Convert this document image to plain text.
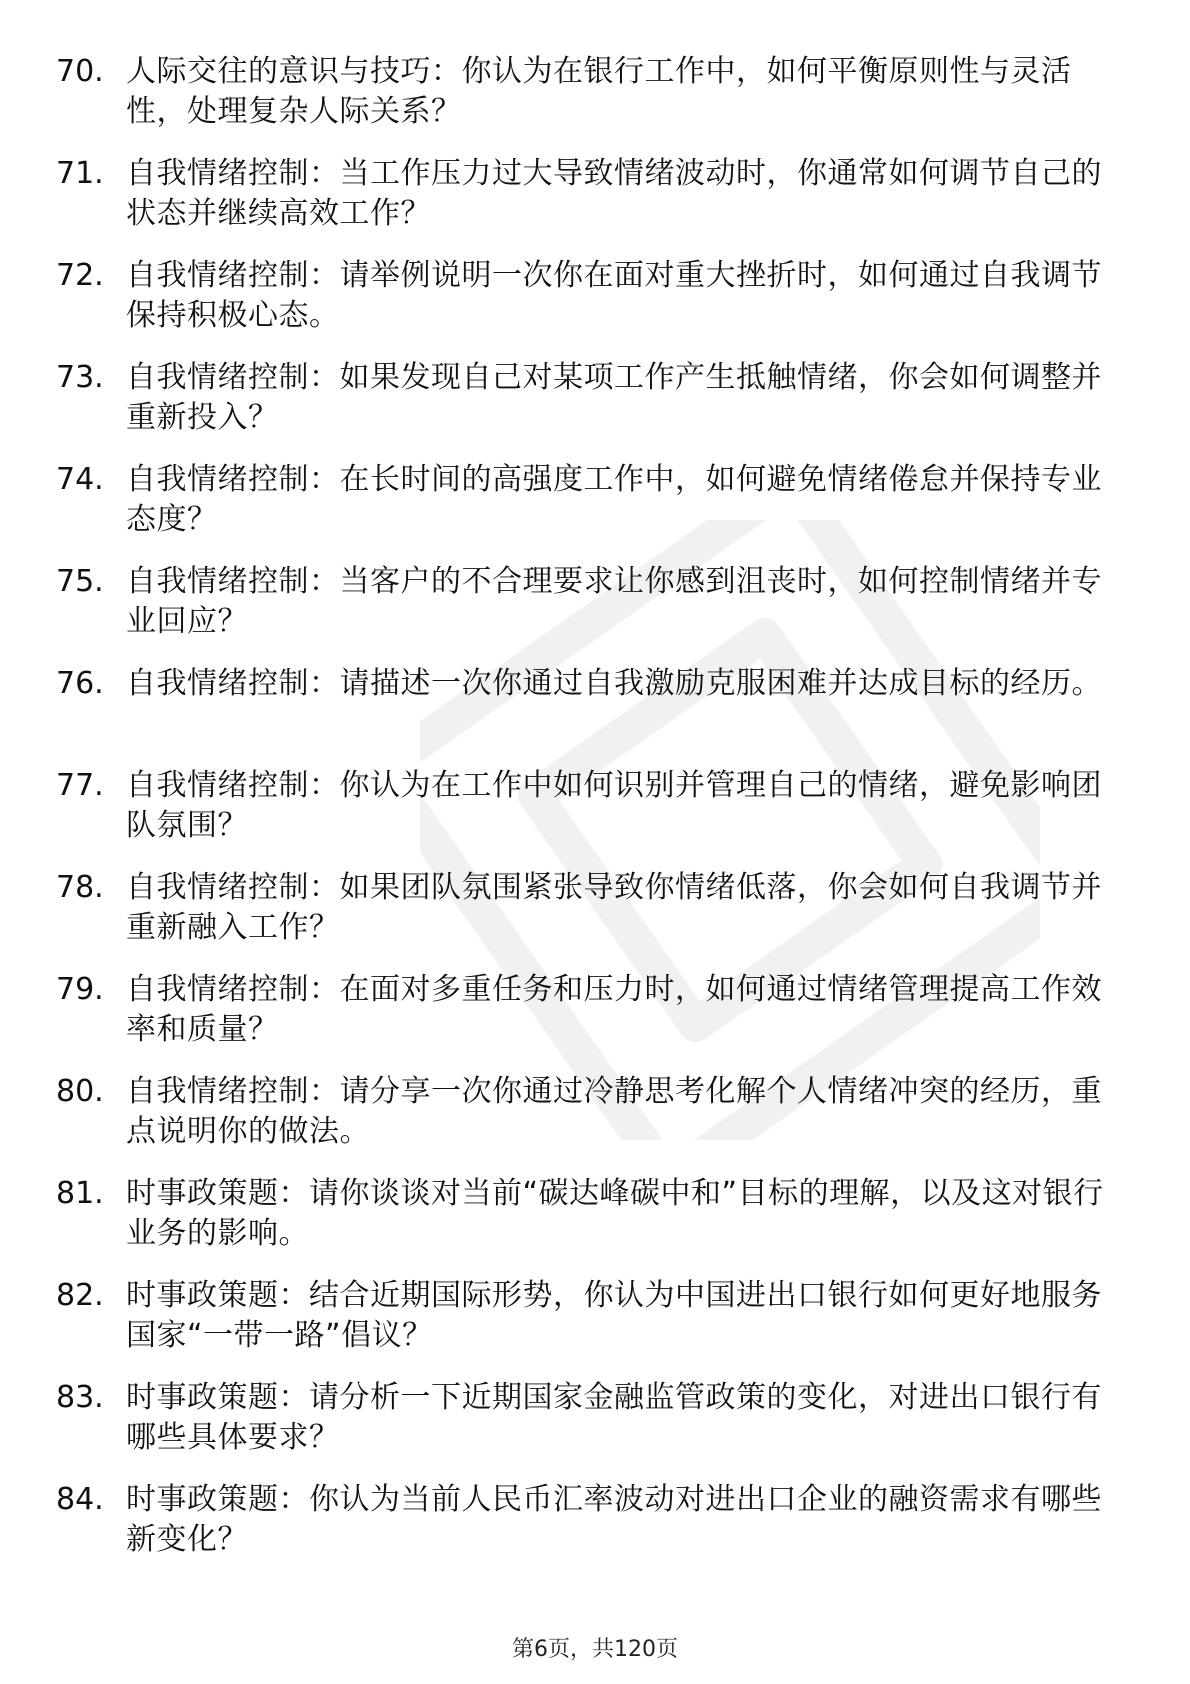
70. 人际交往的意识与技巧：你认为在银行工作中，如何平衡原则性与灵活性，处理复杂人际关系？
71. 自我情绪控制：当工作压力过大导致情绪波动时，你通常如何调节自己的状态并继续高效工作？
72. 自我情绪控制：请举例说明一次你在面对重大挫折时，如何通过自我调节保持积极心态。
73. 自我情绪控制：如果发现自己对某项工作产生抵触情绪，你会如何调整并重新投入？
74. 自我情绪控制：在长时间的高强度工作中，如何避免情绪倦怠并保持专业态度？
75. 自我情绪控制：当客户的不合理要求让你感到沮丧时，如何控制情绪并专业回应？
76. 自我情绪控制：请描述一次你通过自我激励克服困难并达成目标的经历。
77. 自我情绪控制：你认为在工作中如何识别并管理自己的情绪，避免影响团队氛围？
78. 自我情绪控制：如果团队氛围紧张导致你情绪低落，你会如何自我调节并重新融入工作？
79. 自我情绪控制：在面对多重任务和压力时，如何通过情绪管理提高工作效率和质量？
80. 自我情绪控制：请分享一次你通过冷静思考化解个人情绪冲突的经历，重点说明你的做法。
81. 时事政策题：请你谈谈对当前“碳达峰碳中和”目标的理解，以及这对银行业务的影响。
82. 时事政策题：结合近期国际形势，你认为中国进出口银行如何更好地服务国家“一带一路”倡议？
83. 时事政策题：请分析一下近期国家金融监管政策的变化，对进出口银行有哪些具体要求？
84. 时事政策题：你认为当前人民币汇率波动对进出口企业的融资需求有哪些新变化？
第6页，共120页
